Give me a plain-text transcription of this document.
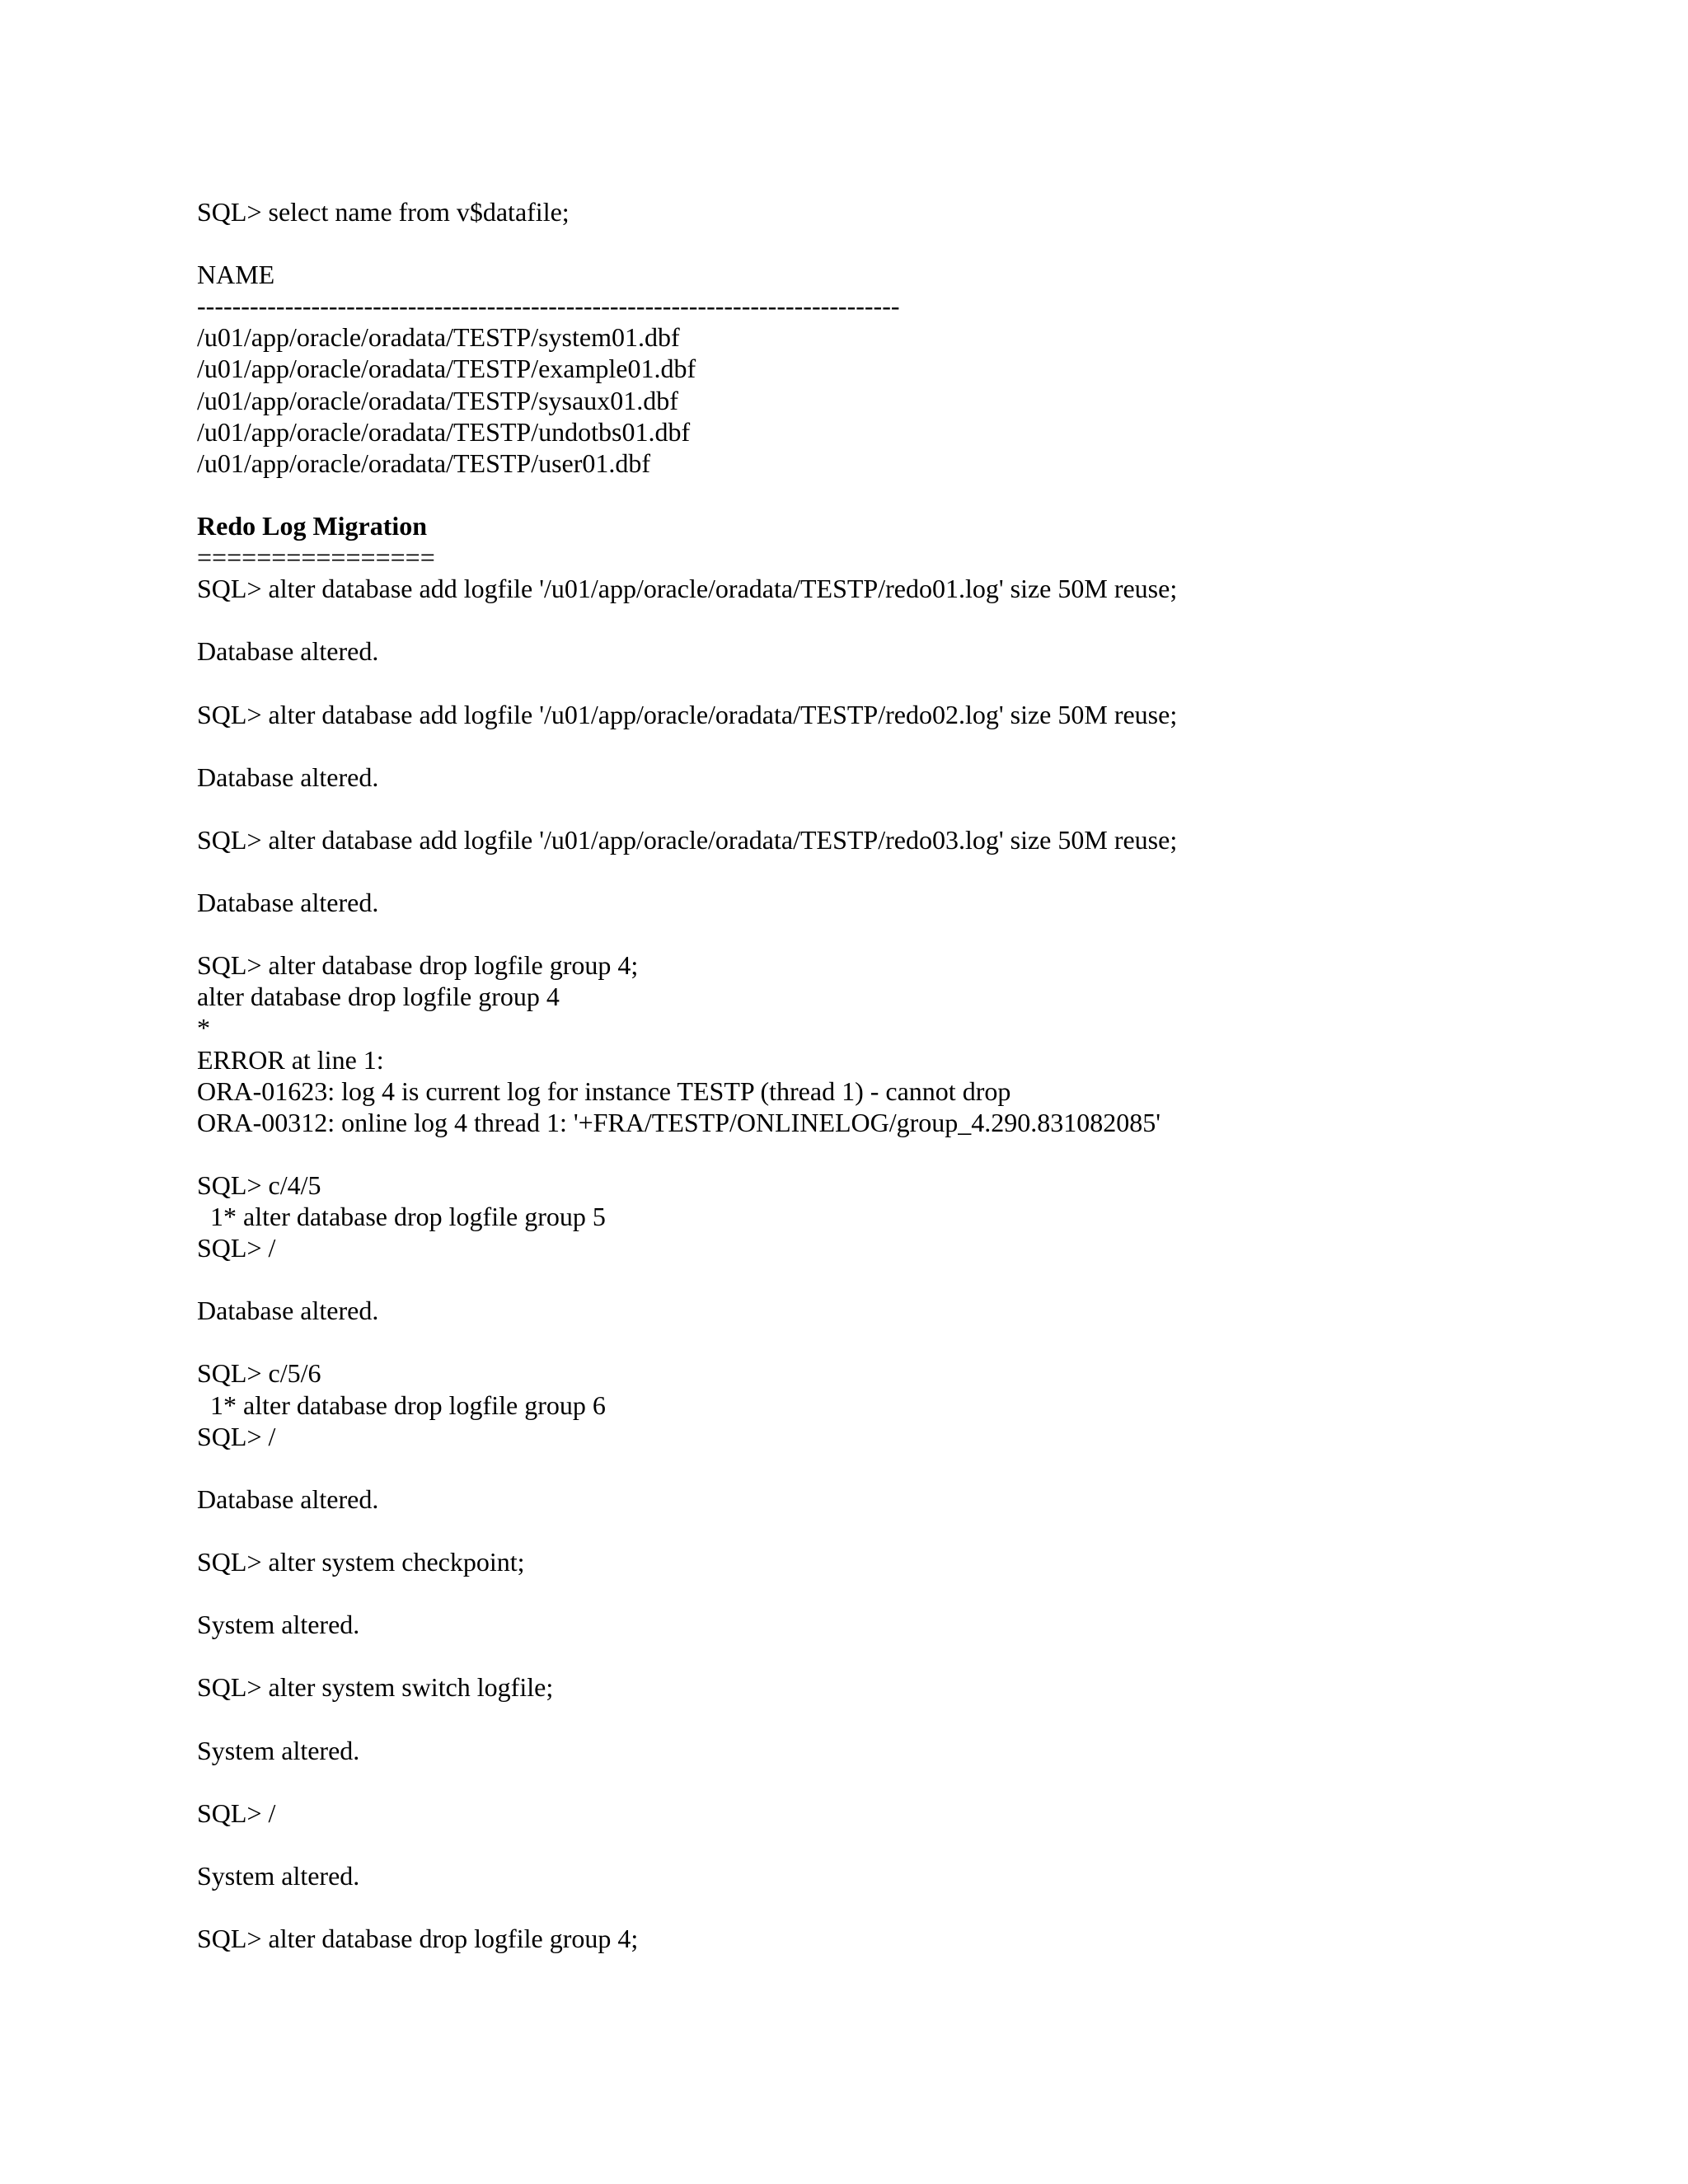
SQL> select name from v$datafile;
NAME
--------------------------------------------------------------------------------
/u01/app/oracle/oradata/TESTP/system01.dbf
/u01/app/oracle/oradata/TESTP/example01.dbf
/u01/app/oracle/oradata/TESTP/sysaux01.dbf
/u01/app/oracle/oradata/TESTP/undotbs01.dbf
/u01/app/oracle/oradata/TESTP/user01.dbf
Redo Log Migration
================
SQL> alter database add logfile '/u01/app/oracle/oradata/TESTP/redo01.log' size 50M reuse;
Database altered.
SQL> alter database add logfile '/u01/app/oracle/oradata/TESTP/redo02.log' size 50M reuse;
Database altered.
SQL> alter database add logfile '/u01/app/oracle/oradata/TESTP/redo03.log' size 50M reuse;
Database altered.
SQL> alter database drop logfile group 4;
alter database drop logfile group 4
*
ERROR at line 1:
ORA-01623: log 4 is current log for instance TESTP (thread 1) - cannot drop
ORA-00312: online log 4 thread 1: '+FRA/TESTP/ONLINELOG/group_4.290.831082085'
SQL> c/4/5
1* alter database drop logfile group 5
SQL> /
Database altered.
SQL> c/5/6
1* alter database drop logfile group 6
SQL> /
Database altered.
SQL> alter system checkpoint;
System altered.
SQL> alter system switch logfile;
System altered.
SQL> /
System altered.
SQL> alter database drop logfile group 4;
